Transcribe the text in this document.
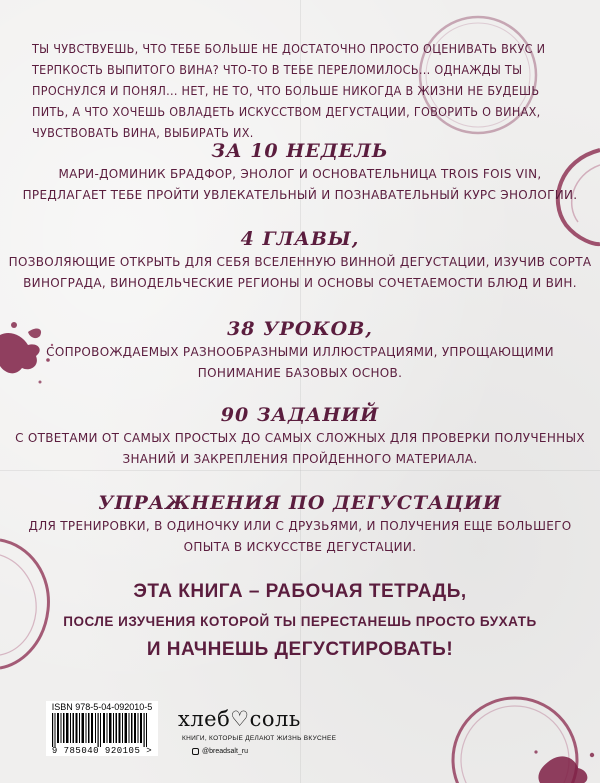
ТЫ ЧУВСТВУЕШЬ, ЧТО ТЕБЕ БОЛЬШЕ НЕ ДОСТАТОЧНО ПРОСТО ОЦЕНИВАТЬ ВКУС И ТЕРПКОСТЬ ВЫПИТОГО ВИНА? ЧТО-ТО В ТЕБЕ ПЕРЕЛОМИЛОСЬ... ОДНАЖДЫ ТЫ ПРОСНУЛСЯ И ПОНЯЛ... НЕТ, НЕ ТО, ЧТО БОЛЬШЕ НИКОГДА В ЖИЗНИ НЕ БУДЕШЬ ПИТЬ, А ЧТО ХОЧЕШЬ ОВЛАДЕТЬ ИСКУССТВОМ ДЕГУСТАЦИИ, ГОВОРИТЬ О ВИНАХ, ЧУВСТВОВАТЬ ВИНА, ВЫБИРАТЬ ИХ.

ЗА 10 НЕДЕЛЬ

МАРИ-ДОМИНИК БРАДФОР, ЭНОЛОГ И ОСНОВАТЕЛЬНИЦА TROIS FOIS VIN,

ПРЕДЛАГАЕТ ТЕБЕ ПРОЙТИ УВЛЕКАТЕЛЬНЫЙ И ПОЗНАВАТЕЛЬНЫЙ КУРС ЭНОЛОГИИ.

4 ГЛАВЫ,

ПОЗВОЛЯЮЩИЕ ОТКРЫТЬ ДЛЯ СЕБЯ ВСЕЛЕННУЮ ВИННОЙ ДЕГУСТАЦИИ, ИЗУЧИВ СОРТА

ВИНОГРАДА, ВИНОДЕЛЬЧЕСКИЕ РЕГИОНЫ И ОСНОВЫ СОЧЕТАЕМОСТИ БЛЮД И ВИН.

38 УРОКОВ,

СОПРОВОЖДАЕМЫХ РАЗНООБРАЗНЫМИ ИЛЛЮСТРАЦИЯМИ, УПРОЩАЮЩИМИ

ПОНИМАНИЕ БАЗОВЫХ ОСНОВ.

90 ЗАДАНИЙ

С ОТВЕТАМИ ОТ САМЫХ ПРОСТЫХ ДО САМЫХ СЛОЖНЫХ ДЛЯ ПРОВЕРКИ ПОЛУЧЕННЫХ

ЗНАНИЙ И ЗАКРЕПЛЕНИЯ ПРОЙДЕННОГО МАТЕРИАЛА.

УПРАЖНЕНИЯ ПО ДЕГУСТАЦИИ

ДЛЯ ТРЕНИРОВКИ, В ОДИНОЧКУ ИЛИ С ДРУЗЬЯМИ, И ПОЛУЧЕНИЯ ЕЩЕ БОЛЬШЕГО

ОПЫТА В ИСКУССТВЕ ДЕГУСТАЦИИ.

ЭТА КНИГА – РАБОЧАЯ ТЕТРАДЬ,
ПОСЛЕ ИЗУЧЕНИЯ КОТОРОЙ ТЫ ПЕРЕСТАНЕШЬ ПРОСТО БУХАТЬ
И НАЧНЕШЬ ДЕГУСТИРОВАТЬ!
ISBN 978-5-04-092010-5
9 785040 920105 >
хлеб♡соль
КНИГИ, КОТОРЫЕ ДЕЛАЮТ ЖИЗНЬ ВКУСНЕЕ
@breadsalt_ru
